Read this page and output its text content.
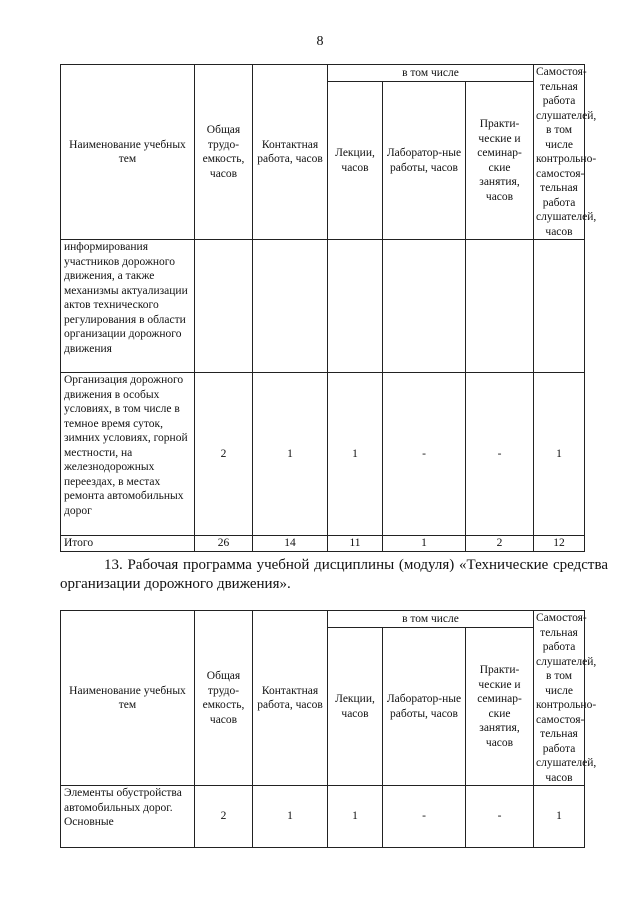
8
Наименование учебных тем	Общая трудо-емкость, часов	Контактная работа, часов	в том числе			Самостоя-тельная работа слушателей, в том числе контрольно-самостоя-тельная работа слушателей, часов
			Лекции, часов	Лаборатор-ные работы, часов	Практи-ческие и семинар-ские занятия, часов	
информирования участников дорожного движения, а также механизмы актуализации актов технического регулирования в области организации дорожного движения						
Организация дорожного движения в особых условиях, в том числе в темное время суток, зимних условиях, горной местности, на железнодорожных переездах, в местах ремонта автомобильных дорог	2	1	1	-	-	1
Итого	26	14	11	1	2	12
13. Рабочая программа учебной дисциплины (модуля) «Технические средства организации дорожного движения».
Наименование учебных тем	Общая трудо-емкость, часов	Контактная работа, часов	в том числе			Самостоя-тельная работа слушателей, в том числе контрольно-самостоя-тельная работа слушателей, часов
			Лекции, часов	Лаборатор-ные работы, часов	Практи-ческие и семинар-ские занятия, часов	
Элементы обустройства автомобильных дорог. Основные	2	1	1	-	-	1
